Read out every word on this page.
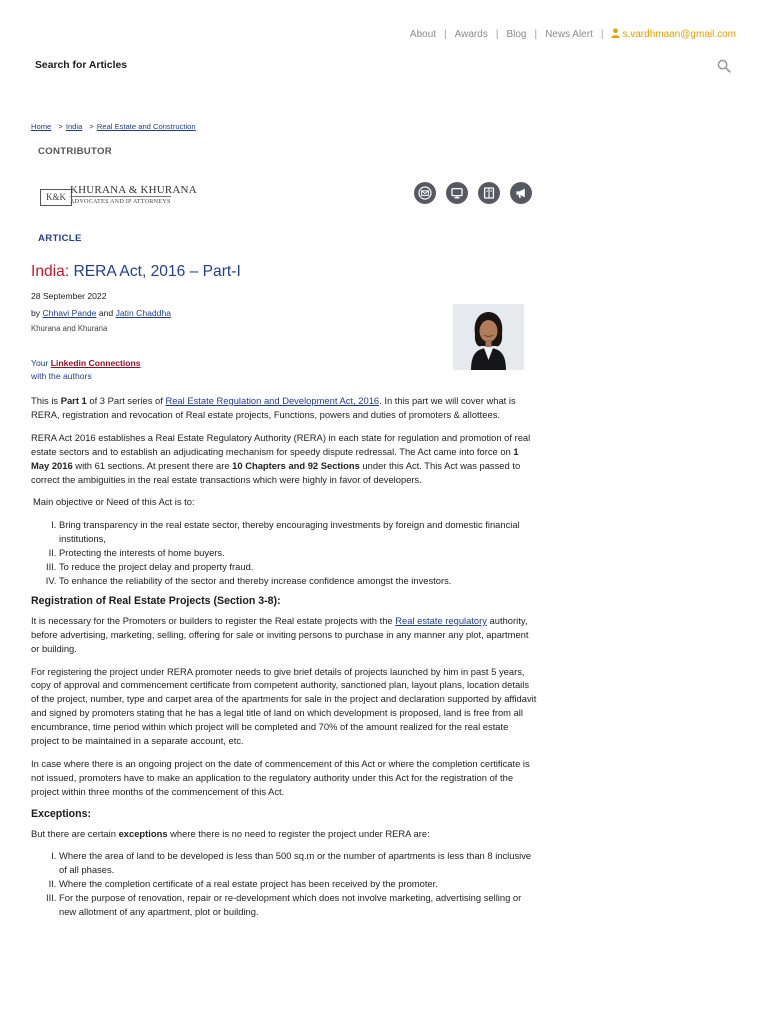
About | Awards | Blog | News Alert | s.vardhmaan@gmail.com
Search for Articles
Home > India > Real Estate and Construction
CONTRIBUTOR
K&K
KHURANA & KHURANA
ADVOCATES AND IP ATTORNEYS
ARTICLE
India: RERA Act, 2016 – Part-I
28 September 2022
by Chhavi Pande and Jatin Chaddha
Khurana and Khurana
Your Linkedin Connections
with the authors

This is Part 1 of 3 Part series of Real Estate Regulation and Development Act, 2016. In this part we will cover what is RERA, registration and revocation of Real estate projects, Functions, powers and duties of promoters & allottees.

RERA Act 2016 establishes a Real Estate Regulatory Authority (RERA) in each state for regulation and promotion of real estate sectors and to establish an adjudicating mechanism for speedy dispute redressal. The Act came into force on 1 May 2016 with 61 sections. At present there are 10 Chapters and 92 Sections under this Act. This Act was passed to correct the ambiguities in the real estate transactions which were highly in favor of developers.

Main objective or Need of this Act is to:

I. Bring transparency in the real estate sector, thereby encouraging investments by foreign and domestic financial institutions,
II. Protecting the interests of home buyers.
III. To reduce the project delay and property fraud.
IV. To enhance the reliability of the sector and thereby increase confidence amongst the investors.
Registration of Real Estate Projects (Section 3-8):

It is necessary for the Promoters or builders to register the Real estate projects with the Real estate regulatory authority, before advertising, marketing, selling, offering for sale or inviting persons to purchase in any manner any plot, apartment or building.

For registering the project under RERA promoter needs to give brief details of projects launched by him in past 5 years, copy of approval and commencement certificate from competent authority, sanctioned plan, layout plans, location details of the project, number, type and carpet area of the apartments for sale in the project and declaration supported by affidavit and signed by promoters stating that he has a legal title of land on which development is proposed, land is free from all encumbrance, time period within which project will be completed and 70% of the amount realized for the real estate project to be maintained in a separate account, etc.

In case where there is an ongoing project on the date of commencement of this Act or where the completion certificate is not issued, promoters have to make an application to the regulatory authority under this Act for the registration of the project within three months of the commencement of this Act.

Exceptions:

But there are certain exceptions where there is no need to register the project under RERA are:

I. Where the area of land to be developed is less than 500 sq.m or the number of apartments is less than 8 inclusive of all phases.
II. Where the completion certificate of a real estate project has been received by the promoter.
III. For the purpose of renovation, repair or re-development which does not involve marketing, advertising selling or new allotment of any apartment, plot or building.
